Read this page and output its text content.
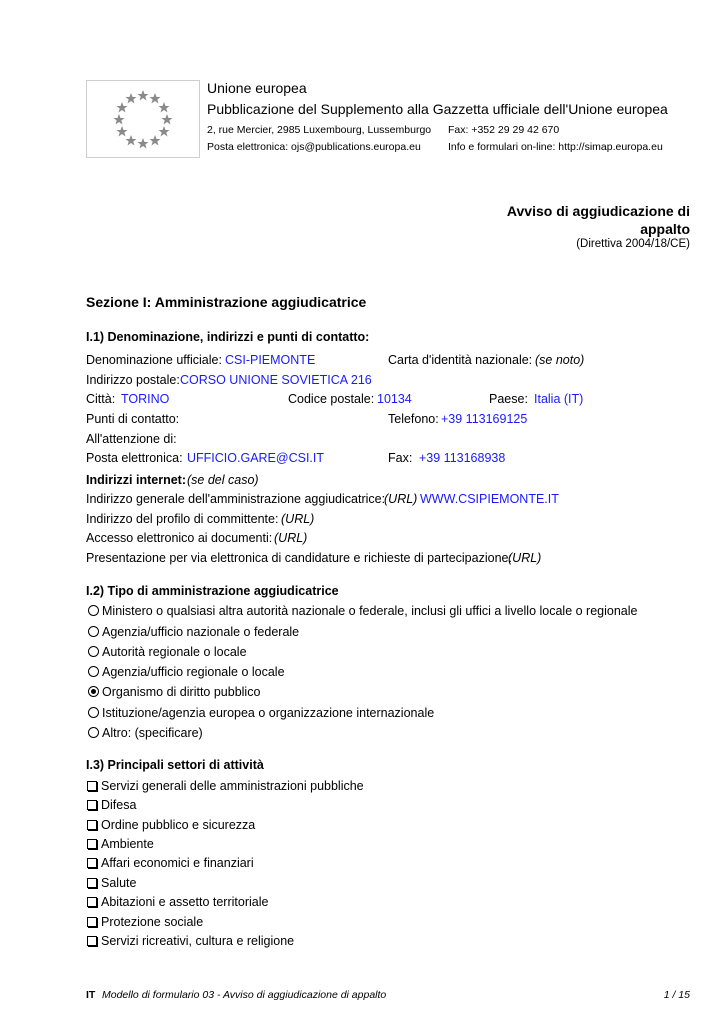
Unione europea
Pubblicazione del Supplemento alla Gazzetta ufficiale dell'Unione europea
2, rue Mercier, 2985 Luxembourg, Lussemburgo Fax: +352 29 29 42 670
Posta elettronica: ojs@publications.europa.eu	Info e formulari on-line: http://simap.europa.eu
Avviso di aggiudicazione di
appalto
(Direttiva 2004/18/CE)
Sezione I: Amministrazione aggiudicatrice
I.1) Denominazione, indirizzi e punti di contatto:
Denominazione ufficiale: CSI-PIEMONTE	Carta d'identità nazionale: (se noto)
Indirizzo postale: CORSO UNIONE SOVIETICA 216
Città: TORINO	Codice postale: 10134	Paese: Italia (IT)
Punti di contatto:	Telefono: +39 113169125
All'attenzione di:
Posta elettronica: UFFICIO.GARE@CSI.IT	Fax: +39 113168938
Indirizzi internet: (se del caso)
Indirizzo generale dell'amministrazione aggiudicatrice:
(URL) WWW.CSIPIEMONTE.IT
Indirizzo del profilo di committente: (URL)
Accesso elettronico ai documenti: (URL)
Presentazione per via elettronica di candidature e richieste di partecipazione:
(URL)
I.2) Tipo di amministrazione aggiudicatrice
Ministero o qualsiasi altra autorità nazionale o federale, inclusi gli uffici a livello locale o regionale
Agenzia/ufficio nazionale o federale
Autorità regionale o locale
Agenzia/ufficio regionale o locale
Organismo di diritto pubblico
Istituzione/agenzia europea o organizzazione internazionale
Altro: (specificare)
I.3) Principali settori di attività
Servizi generali delle amministrazioni pubbliche
Difesa
Ordine pubblico e sicurezza
Ambiente
Affari economici e finanziari
Salute
Abitazioni e assetto territoriale
Protezione sociale
Servizi ricreativi, cultura e religione
IT Modello di formulario 03 - Avviso di aggiudicazione di appalto	1 / 15
